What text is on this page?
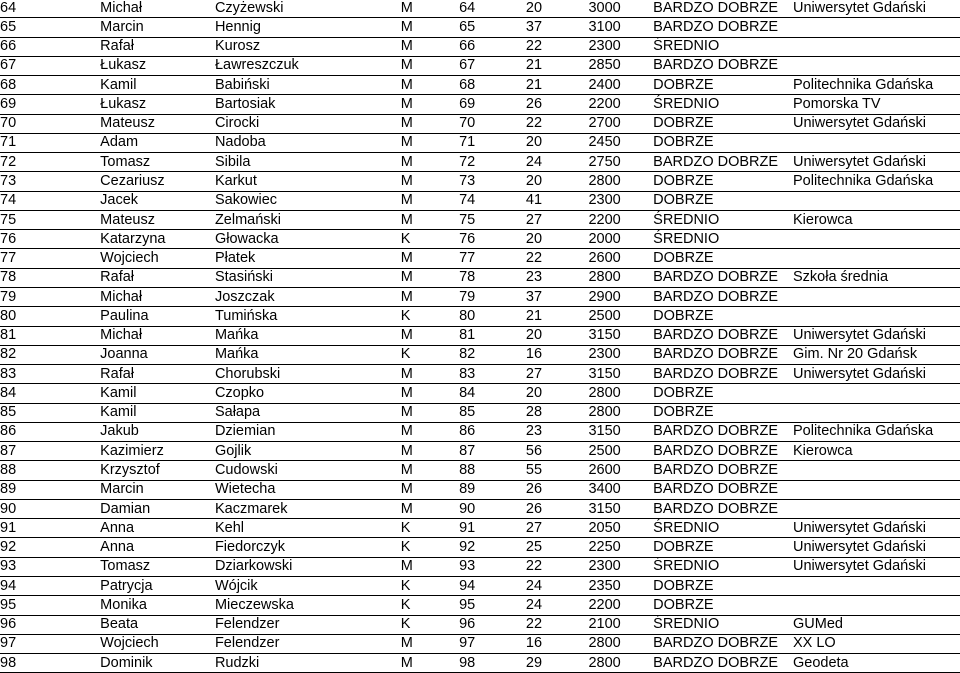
64	Michał	Czyżewski	M	64	20	3000	BARDZO DOBRZE	Uniwersytet Gdański
65	Marcin	Hennig	M	65	37	3100	BARDZO DOBRZE	
66	Rafał	Kurosz	M	66	22	2300	ŚREDNIO	
67	Łukasz	Ławreszczuk	M	67	21	2850	BARDZO DOBRZE	
68	Kamil	Babiński	M	68	21	2400	DOBRZE	Politechnika Gdańska
69	Łukasz	Bartosiak	M	69	26	2200	ŚREDNIO	Pomorska TV
70	Mateusz	Cirocki	M	70	22	2700	DOBRZE	Uniwersytet Gdański
71	Adam	Nadoba	M	71	20	2450	DOBRZE	
72	Tomasz	Sibila	M	72	24	2750	BARDZO DOBRZE	Uniwersytet Gdański
73	Cezariusz	Karkut	M	73	20	2800	DOBRZE	Politechnika Gdańska
74	Jacek	Sakowiec	M	74	41	2300	DOBRZE	
75	Mateusz	Zelmański	M	75	27	2200	ŚREDNIO	Kierowca
76	Katarzyna	Głowacka	K	76	20	2000	ŚREDNIO	
77	Wojciech	Płatek	M	77	22	2600	DOBRZE	
78	Rafał	Stasiński	M	78	23	2800	BARDZO DOBRZE	Szkoła średnia
79	Michał	Joszczak	M	79	37	2900	BARDZO DOBRZE	
80	Paulina	Tumińska	K	80	21	2500	DOBRZE	
81	Michał	Mańka	M	81	20	3150	BARDZO DOBRZE	Uniwersytet Gdański
82	Joanna	Mańka	K	82	16	2300	BARDZO DOBRZE	Gim. Nr 20 Gdańsk
83	Rafał	Chorubski	M	83	27	3150	BARDZO DOBRZE	Uniwersytet Gdański
84	Kamil	Czopko	M	84	20	2800	DOBRZE	
85	Kamil	Sałapa	M	85	28	2800	DOBRZE	
86	Jakub	Dziemian	M	86	23	3150	BARDZO DOBRZE	Politechnika Gdańska
87	Kazimierz	Gojlik	M	87	56	2500	BARDZO DOBRZE	Kierowca
88	Krzysztof	Cudowski	M	88	55	2600	BARDZO DOBRZE	
89	Marcin	Wietecha	M	89	26	3400	BARDZO DOBRZE	
90	Damian	Kaczmarek	M	90	26	3150	BARDZO DOBRZE	
91	Anna	Kehl	K	91	27	2050	ŚREDNIO	Uniwersytet Gdański
92	Anna	Fiedorczyk	K	92	25	2250	DOBRZE	Uniwersytet Gdański
93	Tomasz	Dziarkowski	M	93	22	2300	ŚREDNIO	Uniwersytet Gdański
94	Patrycja	Wójcik	K	94	24	2350	DOBRZE	
95	Monika	Mieczewska	K	95	24	2200	DOBRZE	
96	Beata	Felendzer	K	96	22	2100	ŚREDNIO	GUMed
97	Wojciech	Felendzer	M	97	16	2800	BARDZO DOBRZE	XX LO
98	Dominik	Rudzki	M	98	29	2800	BARDZO DOBRZE	Geodeta
